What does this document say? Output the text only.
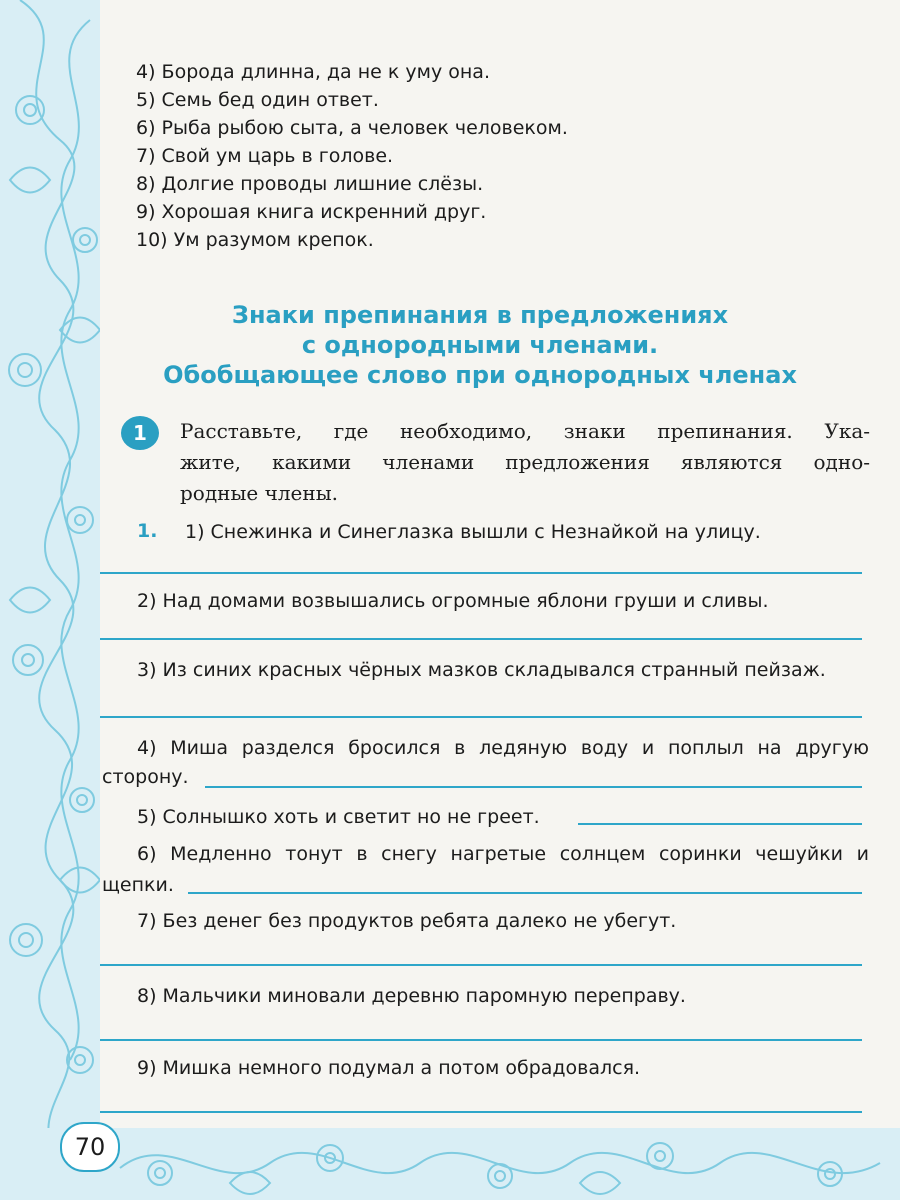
4) Борода длинна, да не к уму она.
5) Семь бед один ответ.
6) Рыба рыбою сыта, а человек человеком.
7) Свой ум царь в голове.
8) Долгие проводы лишние слёзы.
9) Хорошая книга искренний друг.
10) Ум разумом крепок.
Знаки препинания в предложениях
с однородными членами.
Обобщающее слово при однородных членах
1	Расставьте, где необходимо, знаки препинания. Ука-
жите, какими членами предложения являются одно-
родные члены.
1. 1) Снежинка и Синеглазка вышли с Незнайкой на улицу.
2) Над домами возвышались огромные яблони груши и сливы.
3) Из синих красных чёрных мазков складывался странный пейзаж.
4) Миша разделся бросился в ледяную воду и поплыл на другую
сторону.
5) Солнышко хоть и светит но не греет.
6) Медленно тонут в снегу нагретые солнцем соринки чешуйки и
щепки.
7) Без денег без продуктов ребята далеко не убегут.
8) Мальчики миновали деревню паромную переправу.
9) Мишка немного подумал а потом обрадовался.
70
